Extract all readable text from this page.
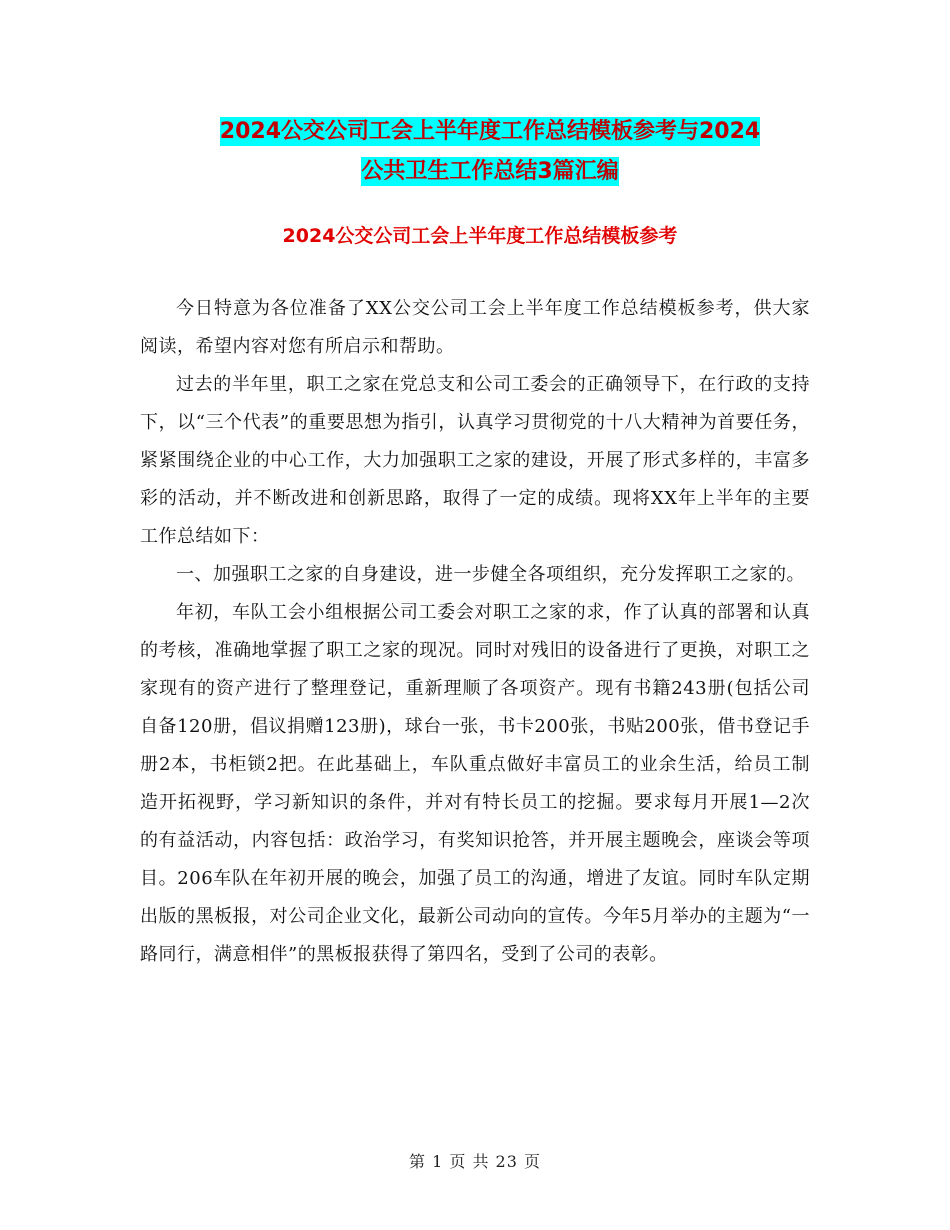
2024公交公司工会上半年度工作总结模板参考与2024
公共卫生工作总结3篇汇编
2024公交公司工会上半年度工作总结模板参考

今日特意为各位准备了XX公交公司工会上半年度工作总结模板参考，供大家阅读，希望内容对您有所启示和帮助。

过去的半年里，职工之家在党总支和公司工委会的正确领导下，在行政的支持下，以“三个代表”的重要思想为指引，认真学习贯彻党的十八大精神为首要任务，紧紧围绕企业的中心工作，大力加强职工之家的建设，开展了形式多样的，丰富多彩的活动，并不断改进和创新思路，取得了一定的成绩。现将XX年上半年的主要工作总结如下：

一、加强职工之家的自身建设，进一步健全各项组织，充分发挥职工之家的。

年初，车队工会小组根据公司工委会对职工之家的求，作了认真的部署和认真的考核，准确地掌握了职工之家的现况。同时对残旧的设备进行了更换，对职工之家现有的资产进行了整理登记，重新理顺了各项资产。现有书籍243册(包括公司自备120册，倡议捐赠123册)，球台一张，书卡200张，书贴200张，借书登记手册2本，书柜锁2把。在此基础上，车队重点做好丰富员工的业余生活，给员工制造开拓视野，学习新知识的条件，并对有特长员工的挖掘。要求每月开展1—2次的有益活动，内容包括：政治学习，有奖知识抢答，并开展主题晚会，座谈会等项目。206车队在年初开展的晚会，加强了员工的沟通，增进了友谊。同时车队定期出版的黑板报，对公司企业文化，最新公司动向的宣传。今年5月举办的主题为“一路同行，满意相伴”的黑板报获得了第四名，受到了公司的表彰。

第 1 页 共 23 页
